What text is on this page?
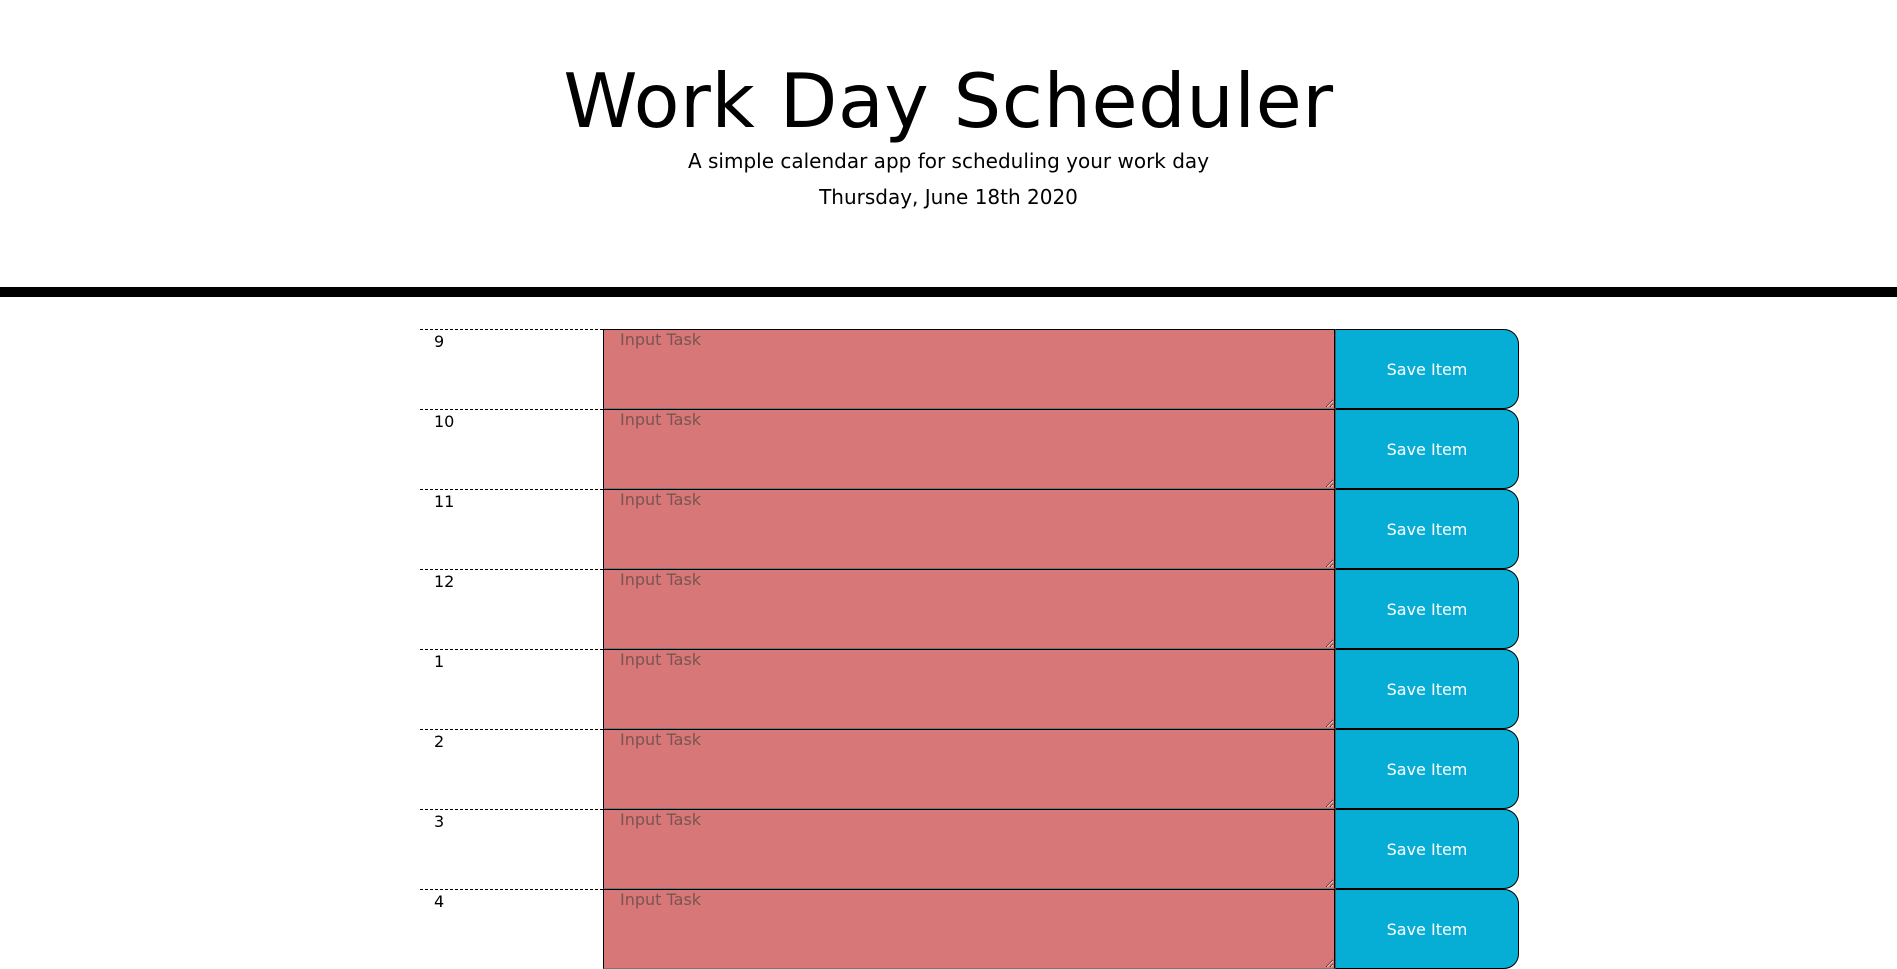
Work Day Scheduler

A simple calendar app for scheduling your work day

Thursday, June 18th 2020

9
Input Task
Save Item
10
Input Task
Save Item
11
Input Task
Save Item
12
Input Task
Save Item
1
Input Task
Save Item
2
Input Task
Save Item
3
Input Task
Save Item
4
Input Task
Save Item
